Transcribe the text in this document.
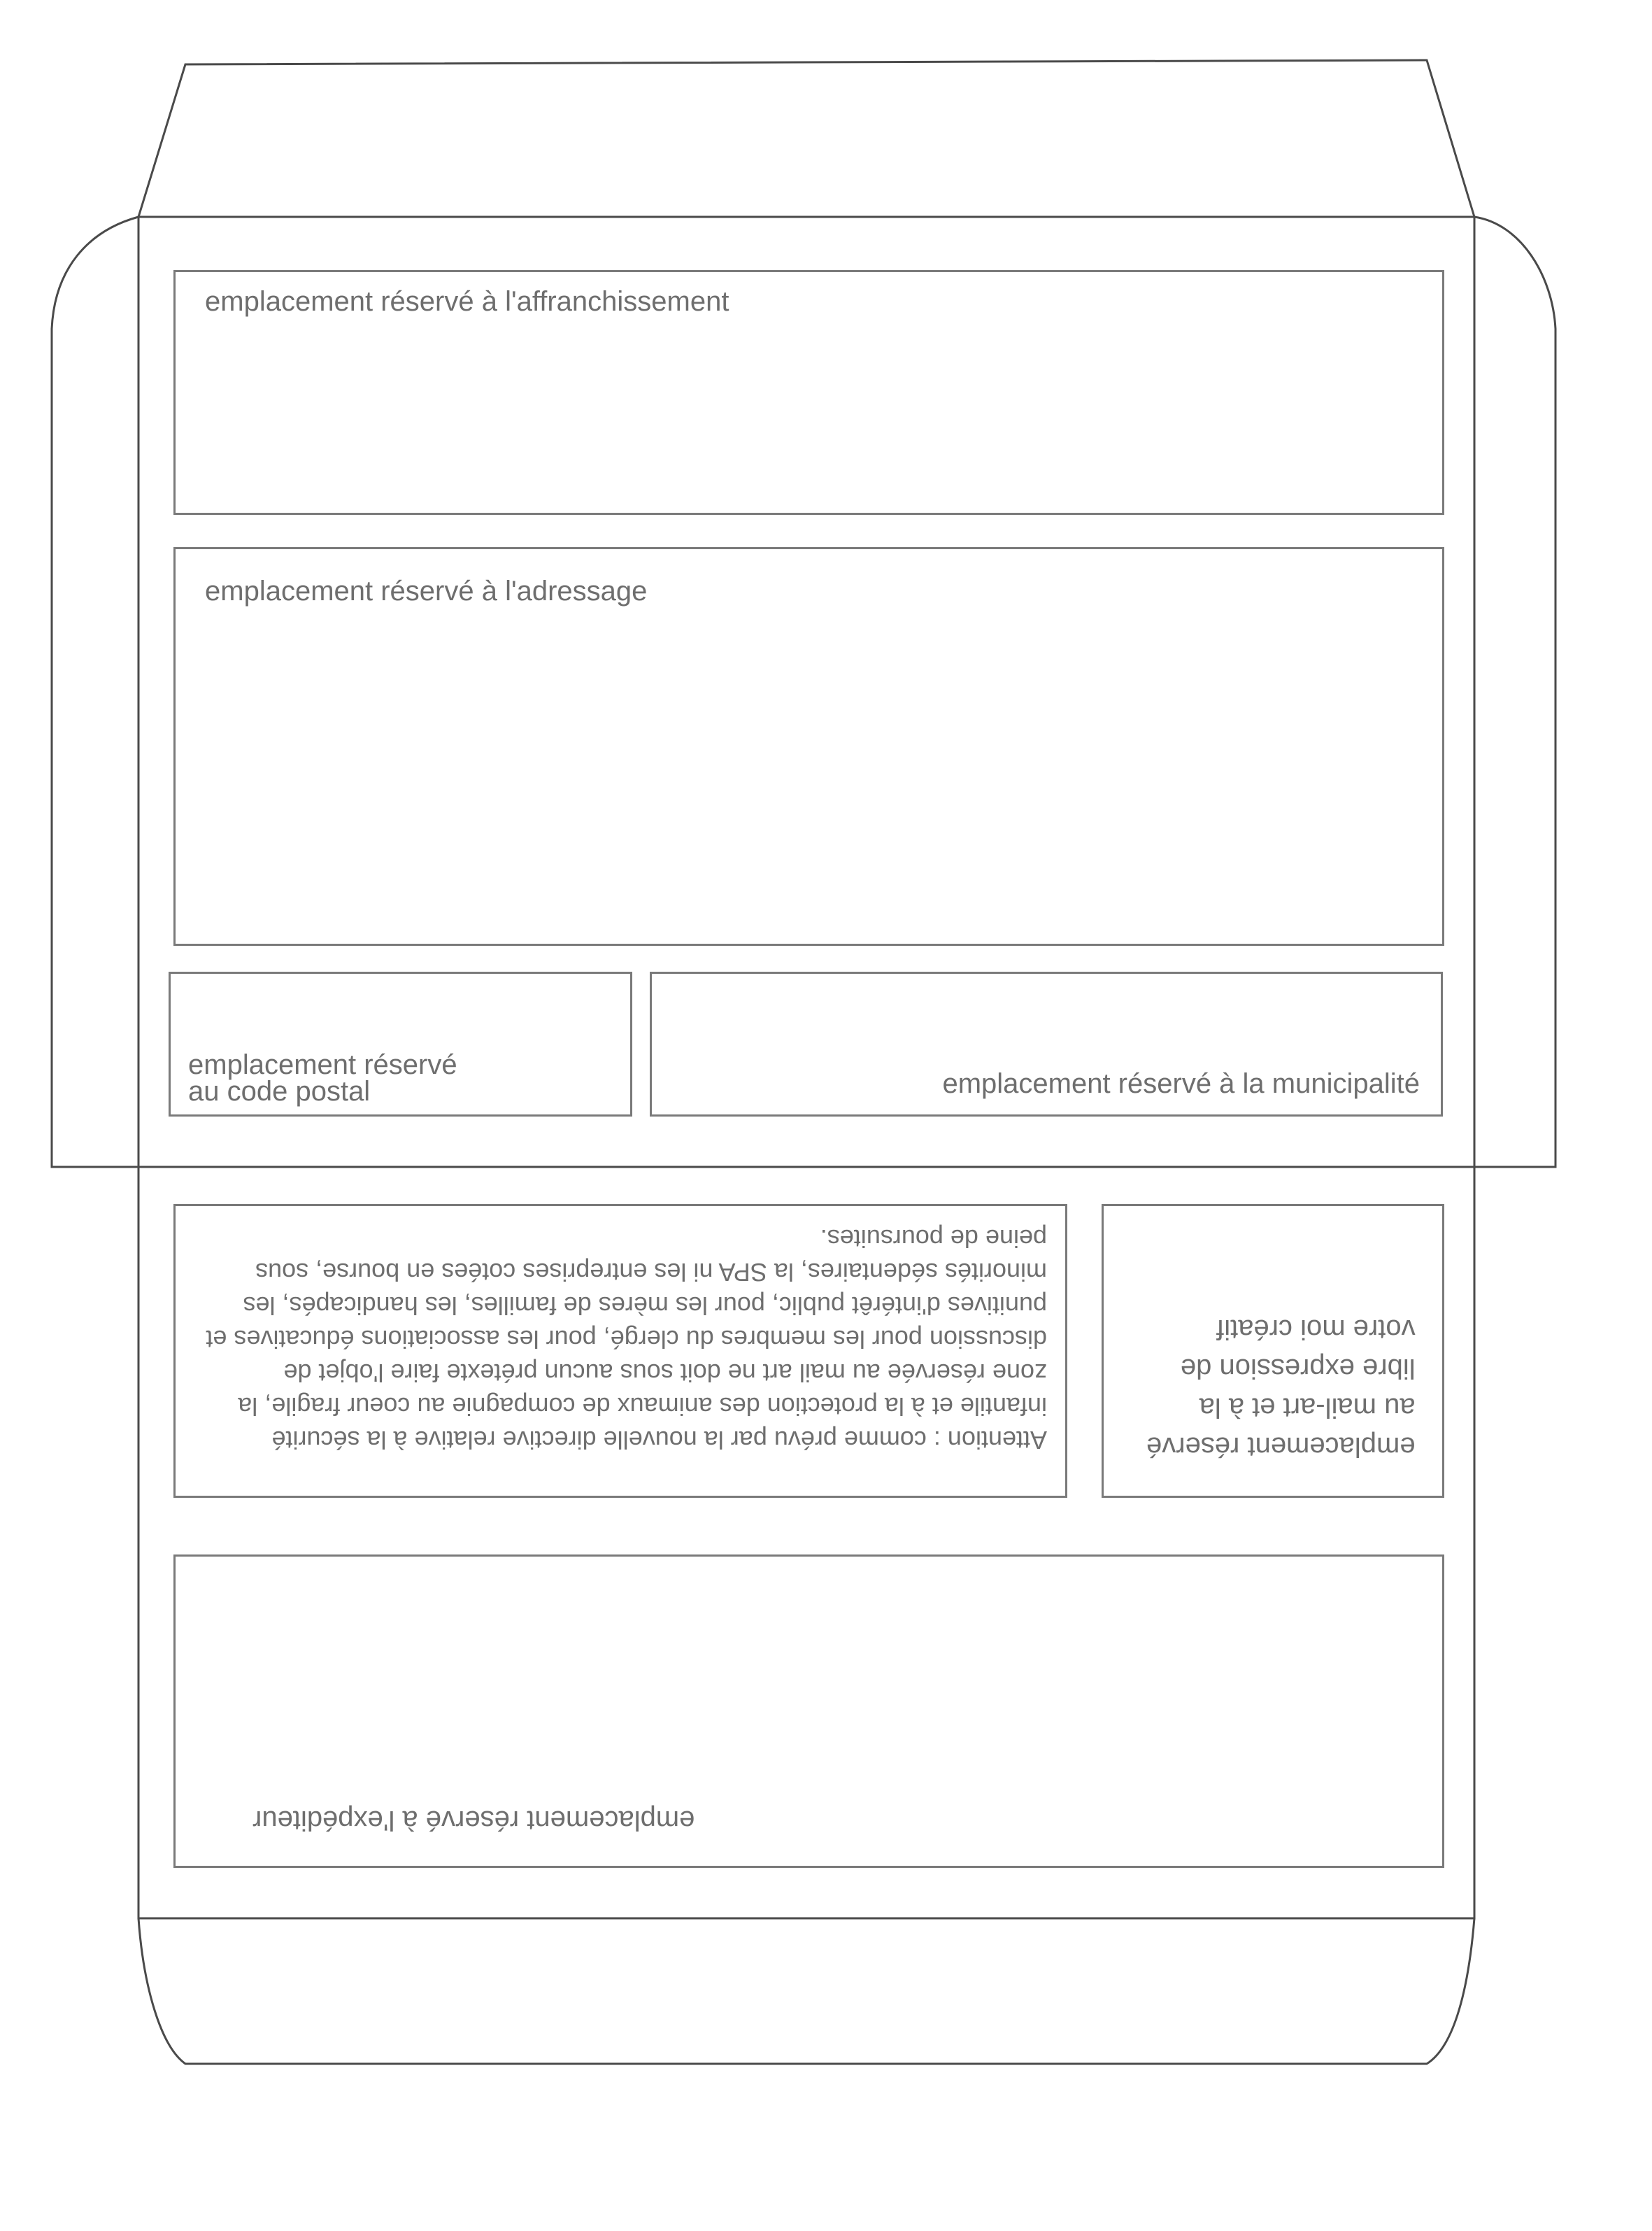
emplacement réservé à l'affranchissement
emplacement réservé à l'adressage
emplacement réservé
au code postal	emplacement réservé à la municipalité
Attention : comme prévu par la nouvelle directive relative à la sécurité infantile et à la protection des animaux de compagnie au coeur fragile, la zone réservée au mail art ne doit sous aucun prétexte faire l'objet de discussion pour les membres du clergé, pour les associations éducatives et punitives d'intérêt public, pour les mères de familles, les handicapés, les minorités sédentaires, la SPA ni les entreprises cotées en bourse, sous peine de poursuites.
emplacement réservé
au mail-art et à la
libre expression de
votre moi créatif
emplacement réservé à l'expéditeur
